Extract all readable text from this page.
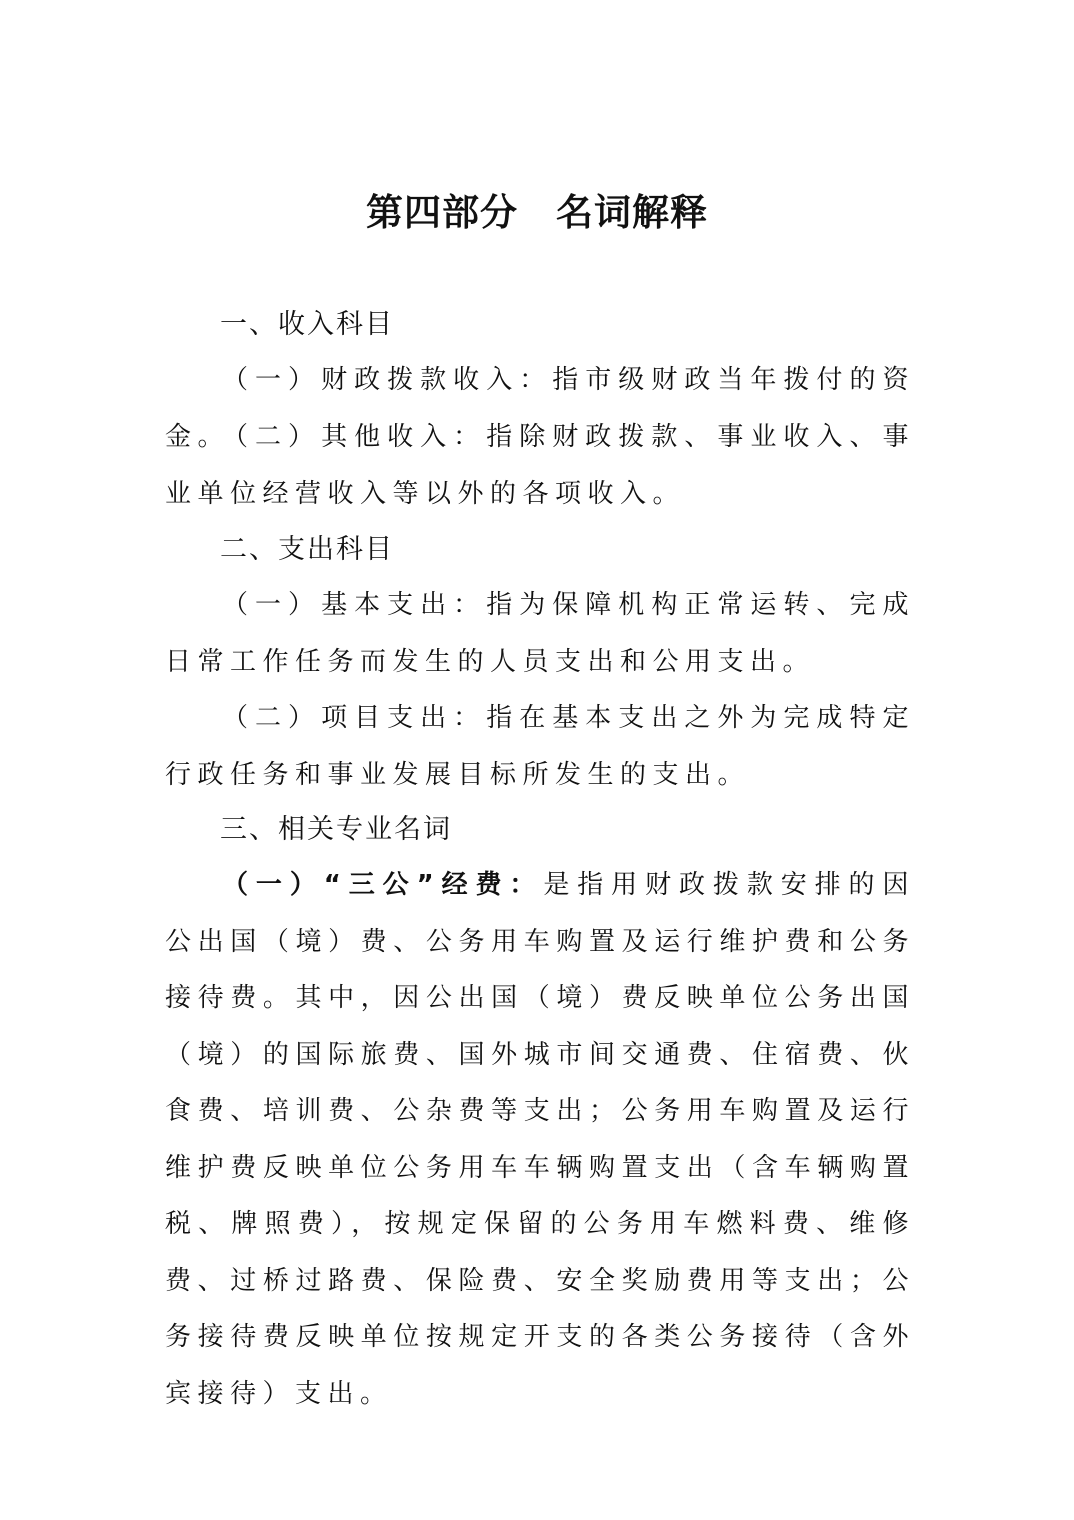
第四部分　名词解释
一、收入科目
（一）财政拨款收入：指市级财政当年拨付的资金。
（二）其他收入：指除财政拨款、事业收入、事业单位经营收入等以外的各项收入。
二、支出科目
（一）基本支出：指为保障机构正常运转、完成日常工作任务而发生的人员支出和公用支出。
（二）项目支出：指在基本支出之外为完成特定行政任务和事业发展目标所发生的支出。
三、相关专业名词
（一）“三公”经费：是指用财政拨款安排的因公出国（境）费、公务用车购置及运行维护费和公务接待费。其中，因公出国（境）费反映单位公务出国（境）的国际旅费、国外城市间交通费、住宿费、伙食费、培训费、公杂费等支出；公务用车购置及运行维护费反映单位公务用车车辆购置支出（含车辆购置税、牌照费），按规定保留的公务用车燃料费、维修费、过桥过路费、保险费、安全奖励费用等支出；公务接待费反映单位按规定开支的各类公务接待（含外宾接待）支出。
